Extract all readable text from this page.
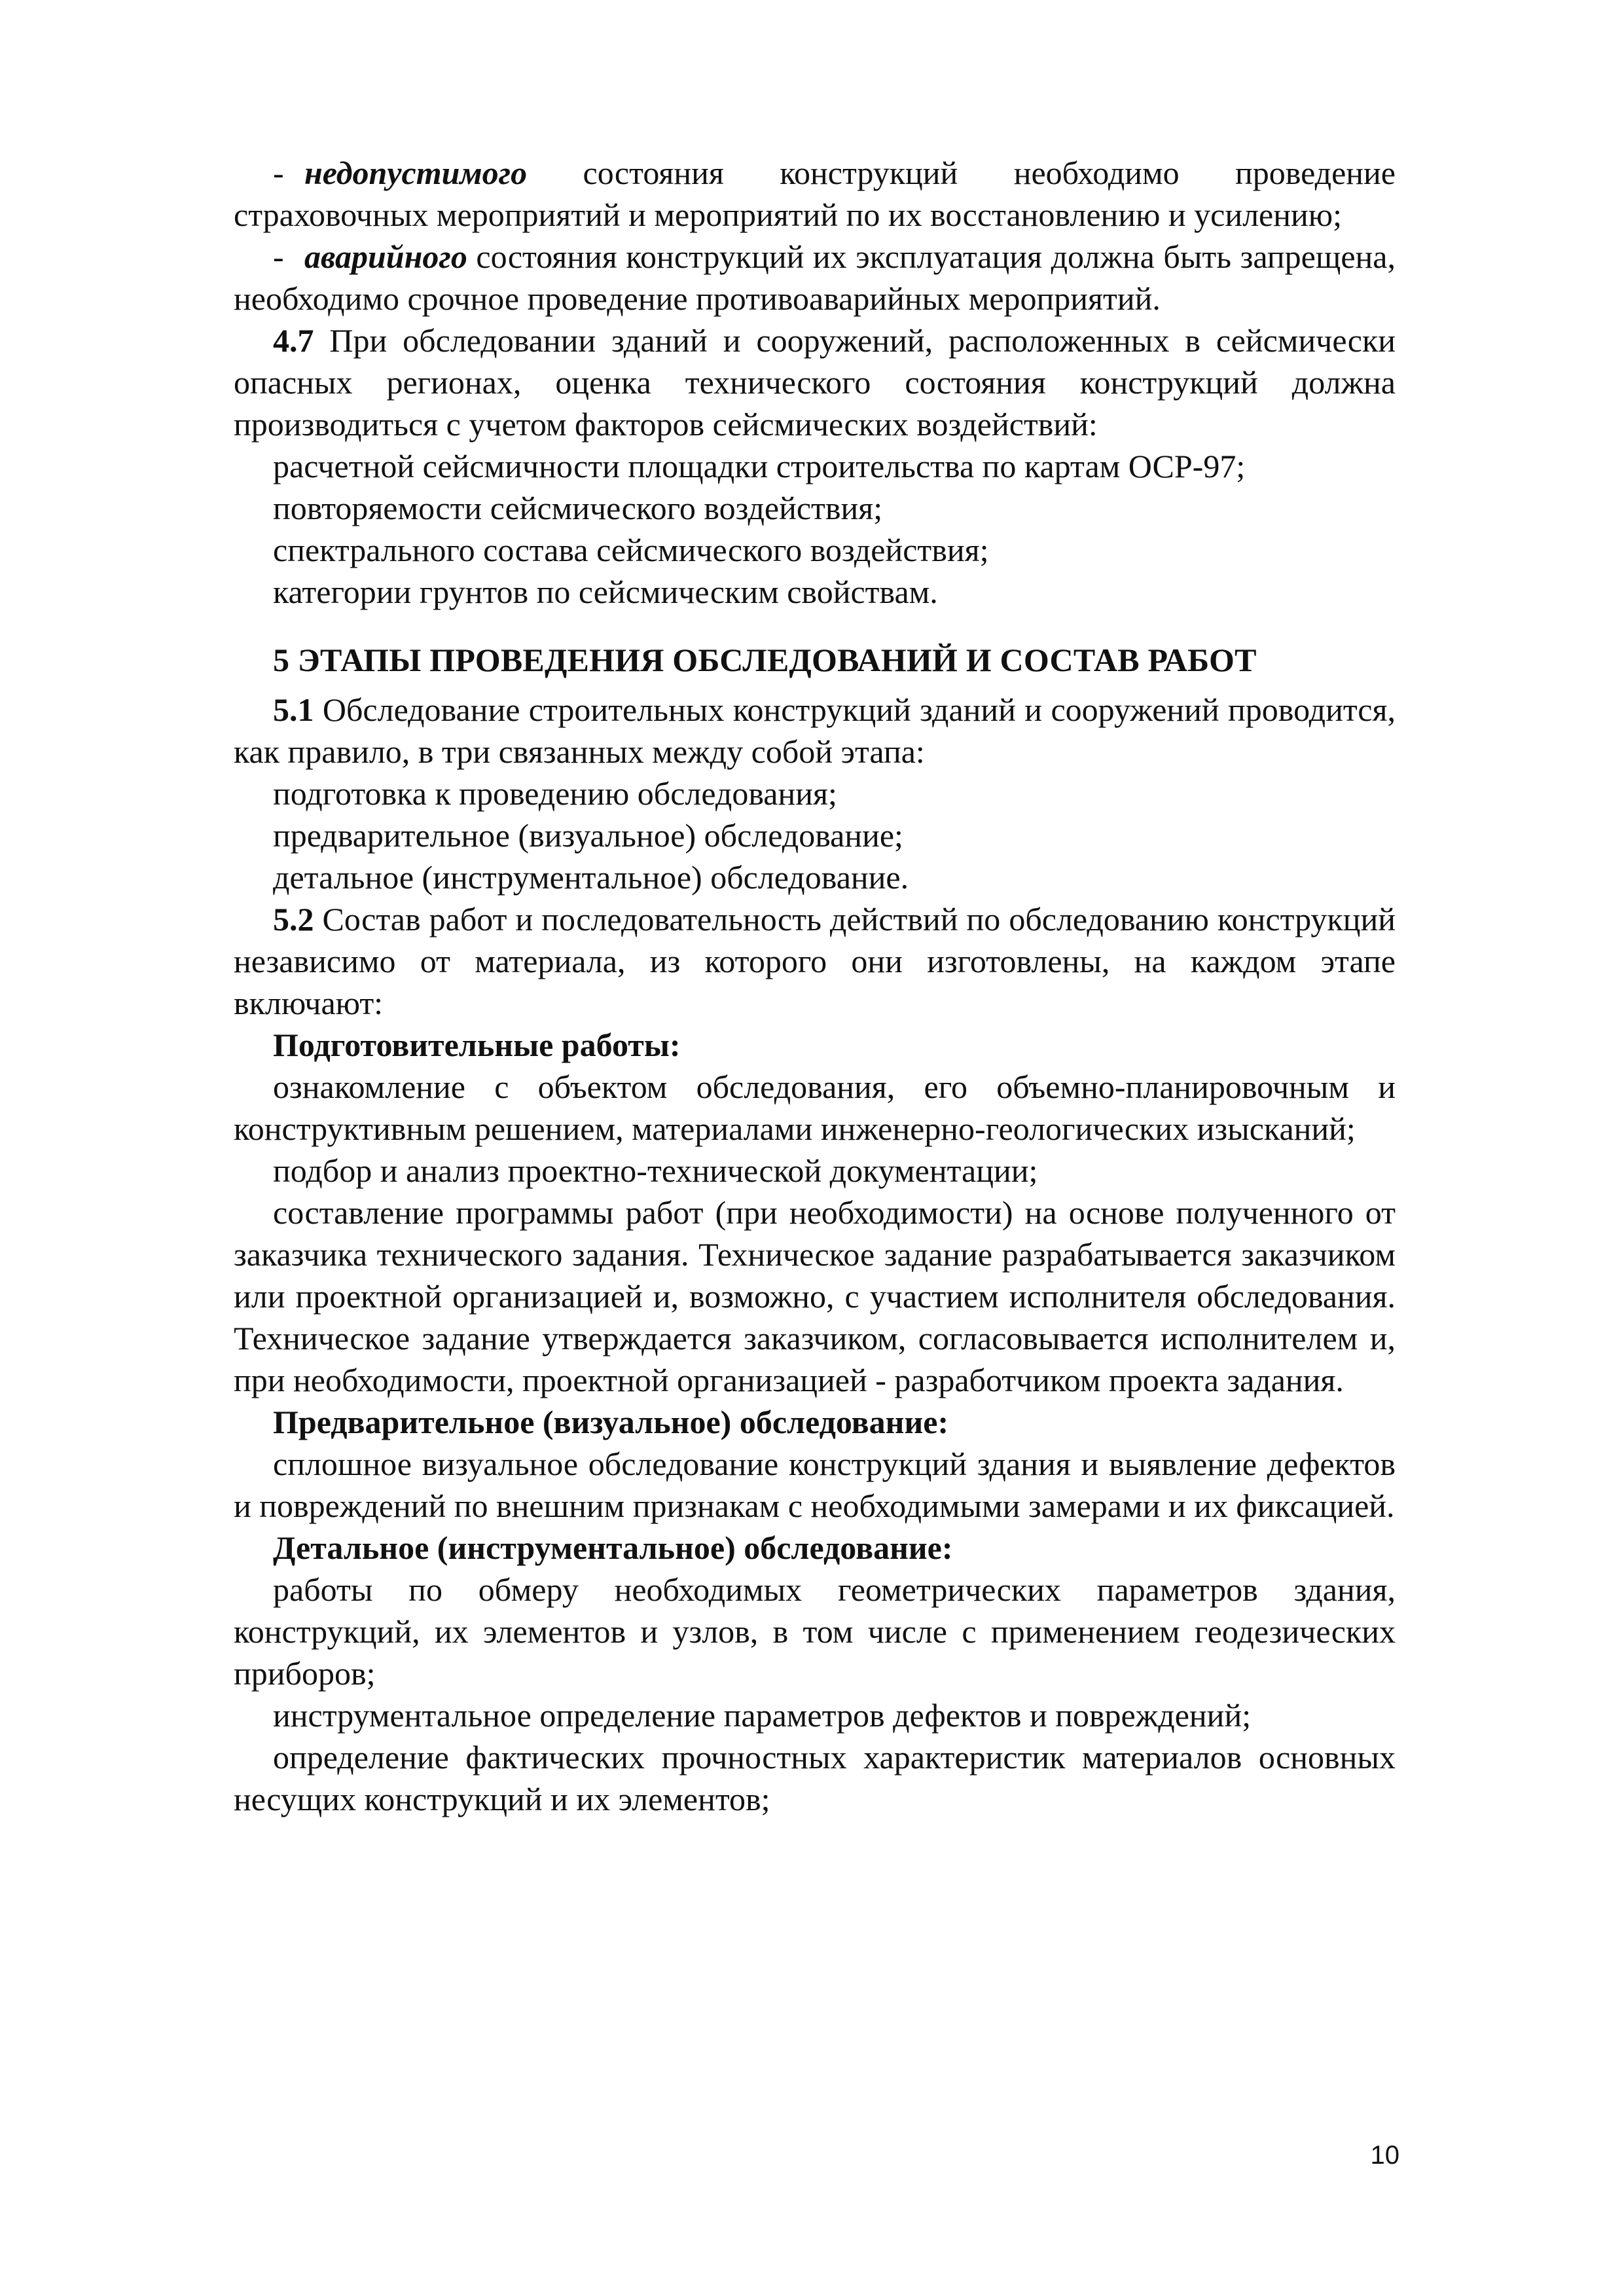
- недопустимого состояния конструкций необходимо проведение страховочных мероприятий и мероприятий по их восстановлению и усилению;

- аварийного состояния конструкций их эксплуатация должна быть запрещена, необходимо срочное проведение противоаварийных мероприятий.

4.7 При обследовании зданий и сооружений, расположенных в сейсмически опасных регионах, оценка технического состояния конструкций должна производиться с учетом факторов сейсмических воздействий:

расчетной сейсмичности площадки строительства по картам ОСР-97;

повторяемости сейсмического воздействия;

спектрального состава сейсмического воздействия;

категории грунтов по сейсмическим свойствам.

5 ЭТАПЫ ПРОВЕДЕНИЯ ОБСЛЕДОВАНИЙ И СОСТАВ РАБОТ

5.1 Обследование строительных конструкций зданий и сооружений проводится, как правило, в три связанных между собой этапа:

подготовка к проведению обследования;

предварительное (визуальное) обследование;

детальное (инструментальное) обследование.

5.2 Состав работ и последовательность действий по обследованию конструкций независимо от материала, из которого они изготовлены, на каждом этапе включают:

Подготовительные работы:

ознакомление с объектом обследования, его объемно-планировочным и конструктивным решением, материалами инженерно-геологических изысканий;

подбор и анализ проектно-технической документации;

составление программы работ (при необходимости) на основе полученного от заказчика технического задания. Техническое задание разрабатывается заказчиком или проектной организацией и, возможно, с участием исполнителя обследования. Техническое задание утверждается заказчиком, согласовывается исполнителем и, при необходимости, проектной организацией - разработчиком проекта задания.

Предварительное (визуальное) обследование:

сплошное визуальное обследование конструкций здания и выявление дефектов и повреждений по внешним признакам с необходимыми замерами и их фиксацией.

Детальное (инструментальное) обследование:

работы по обмеру необходимых геометрических параметров здания, конструкций, их элементов и узлов, в том числе с применением геодезических приборов;

инструментальное определение параметров дефектов и повреждений;

определение фактических прочностных характеристик материалов основных несущих конструкций и их элементов;

10
